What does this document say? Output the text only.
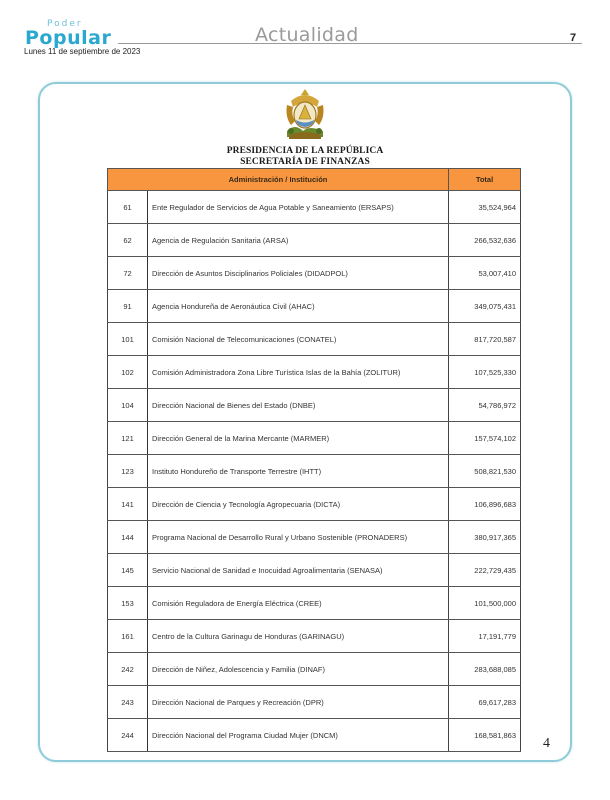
Poder
Popular	Actualidad	7
Lunes 11 de septiembre de 2023
PRESIDENCIA DE LA REPÚBLICA
SECRETARÍA DE FINANZAS
Administración / Institución		Total
61	Ente Regulador de Servicios de Agua Potable y Saneamiento (ERSAPS)	35,524,964
62	Agencia de Regulación Sanitaria (ARSA)	266,532,636
72	Dirección de Asuntos Disciplinarios Policiales (DIDADPOL)	53,007,410
91	Agencia Hondureña de Aeronáutica Civil (AHAC)	349,075,431
101	Comisión Nacional de Telecomunicaciones (CONATEL)	817,720,587
102	Comisión Administradora Zona Libre Turística Islas de la Bahía (ZOLITUR)	107,525,330
104	Dirección Nacional de Bienes del Estado (DNBE)	54,786,972
121	Dirección General de la Marina Mercante (MARMER)	157,574,102
123	Instituto Hondureño de Transporte Terrestre (IHTT)	508,821,530
141	Dirección de Ciencia y Tecnología Agropecuaria (DICTA)	106,896,683
144	Programa Nacional de Desarrollo Rural y Urbano Sostenible (PRONADERS)	380,917,365
145	Servicio Nacional de Sanidad e Inocuidad Agroalimentaria (SENASA)	222,729,435
153	Comisión Reguladora de Energía Eléctrica (CREE)	101,500,000
161	Centro de la Cultura Garinagu de Honduras (GARINAGU)	17,191,779
242	Dirección de Niñez, Adolescencia y Familia (DINAF)	283,688,085
243	Dirección Nacional de Parques y Recreación (DPR)	69,617,283
244	Dirección Nacional del Programa Ciudad Mujer (DNCM)	168,581,863
4
